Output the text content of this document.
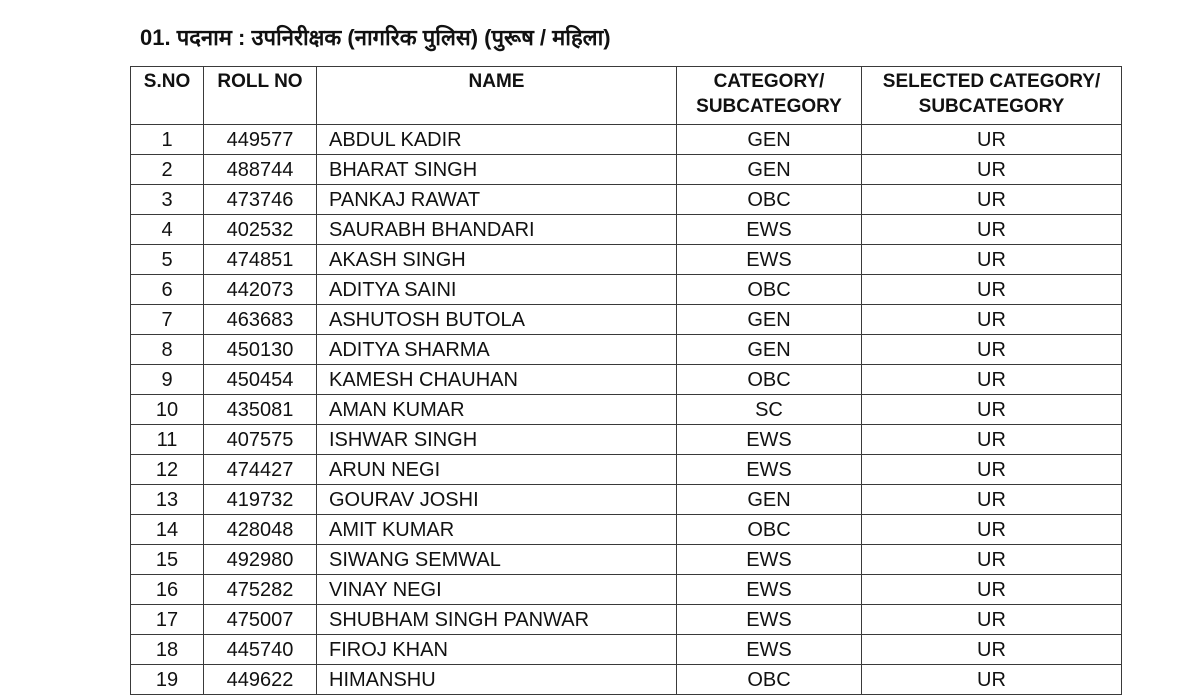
01. पदनाम : उपनिरीक्षक (नागरिक पुलिस) (पुरूष / महिला)
S.NO	ROLL NO	NAME	CATEGORY/
SUBCATEGORY	SELECTED CATEGORY/
SUBCATEGORY

1	449577	ABDUL KADIR	GEN	UR
2	488744	BHARAT SINGH	GEN	UR
3	473746	PANKAJ RAWAT	OBC	UR
4	402532	SAURABH BHANDARI	EWS	UR
5	474851	AKASH SINGH	EWS	UR
6	442073	ADITYA SAINI	OBC	UR
7	463683	ASHUTOSH BUTOLA	GEN	UR
8	450130	ADITYA SHARMA	GEN	UR
9	450454	KAMESH CHAUHAN	OBC	UR
10	435081	AMAN KUMAR	SC	UR
11	407575	ISHWAR SINGH	EWS	UR
12	474427	ARUN NEGI	EWS	UR
13	419732	GOURAV JOSHI	GEN	UR
14	428048	AMIT KUMAR	OBC	UR
15	492980	SIWANG SEMWAL	EWS	UR
16	475282	VINAY NEGI	EWS	UR
17	475007	SHUBHAM SINGH PANWAR	EWS	UR
18	445740	FIROJ KHAN	EWS	UR
19	449622	HIMANSHU	OBC	UR
